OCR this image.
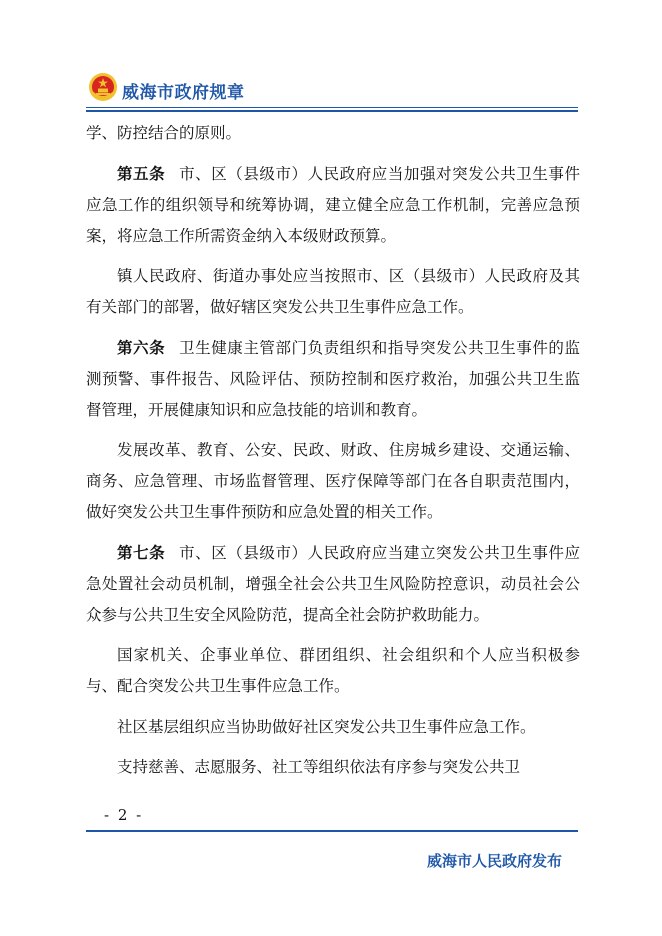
威海市政府规章

学、防控结合的原则。

第五条 市、区（县级市）人民政府应当加强对突发公共卫生事件应急工作的组织领导和统筹协调，建立健全应急工作机制，完善应急预案，将应急工作所需资金纳入本级财政预算。

镇人民政府、街道办事处应当按照市、区（县级市）人民政府及其有关部门的部署，做好辖区突发公共卫生事件应急工作。

第六条 卫生健康主管部门负责组织和指导突发公共卫生事件的监测预警、事件报告、风险评估、预防控制和医疗救治，加强公共卫生监督管理，开展健康知识和应急技能的培训和教育。

发展改革、教育、公安、民政、财政、住房城乡建设、交通运输、商务、应急管理、市场监督管理、医疗保障等部门在各自职责范围内，做好突发公共卫生事件预防和应急处置的相关工作。

第七条 市、区（县级市）人民政府应当建立突发公共卫生事件应急处置社会动员机制，增强全社会公共卫生风险防控意识，动员社会公众参与公共卫生安全风险防范，提高全社会防护救助能力。

国家机关、企事业单位、群团组织、社会组织和个人应当积极参与、配合突发公共卫生事件应急工作。

社区基层组织应当协助做好社区突发公共卫生事件应急工作。

支持慈善、志愿服务、社工等组织依法有序参与突发公共卫

- 2 -
威海市人民政府发布
